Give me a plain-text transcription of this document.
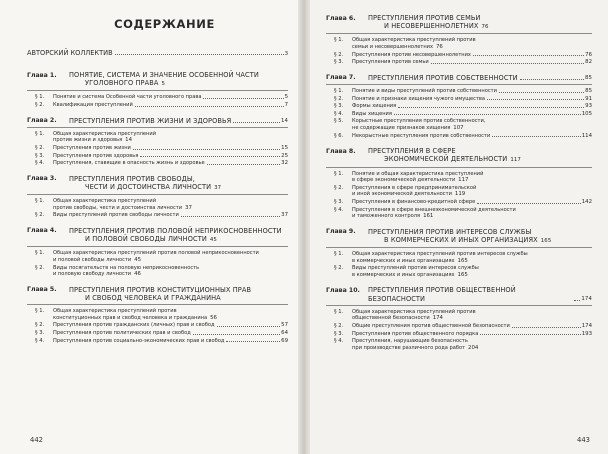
СОДЕРЖАНИЕ
АВТОРСКИЙ КОЛЛЕКТИВ	3
Глава 1.	ПОНЯТИЕ, СИСТЕМА И ЗНАЧЕНИЕ ОСОБЕННОЙ ЧАСТИ
УГОЛОВНОГО ПРАВА 5
§ 1.	Понятие и система Особенной части уголовного права	5
§ 2.	Квалификация преступлений	7
Глава 2.	ПРЕСТУПЛЕНИЯ ПРОТИВ ЖИЗНИ И ЗДОРОВЬЯ	14
§ 1.	Общая характеристика преступлений
против жизни и здоровья 14
§ 2.	Преступления против жизни	15
§ 3.	Преступления против здоровья	25
§ 4.	Преступления, ставящие в опасность жизнь и здоровье	32
Глава 3.	ПРЕСТУПЛЕНИЯ ПРОТИВ СВОБОДЫ,
ЧЕСТИ И ДОСТОИНСТВА ЛИЧНОСТИ 37
§ 1.	Общая характеристика преступлений
против свободы, чести и достоинства личности 37
§ 2.	Виды преступлений против свободы личности	37
Глава 4.	ПРЕСТУПЛЕНИЯ ПРОТИВ ПОЛОВОЙ НЕПРИКОСНОВЕННОСТИ
И ПОЛОВОЙ СВОБОДЫ ЛИЧНОСТИ 45
§ 1.	Общая характеристика преступлений против половой неприкосновенности
и половой свободы личности 45
§ 2.	Виды посягательств на половую неприкосновенность
и половую свободу личности 46
Глава 5.	ПРЕСТУПЛЕНИЯ ПРОТИВ КОНСТИТУЦИОННЫХ ПРАВ
И СВОБОД ЧЕЛОВЕКА И ГРАЖДАНИНА
§ 1.	Общая характеристика преступлений против
конституционных прав и свобод человека и гражданина 56
§ 2.	Преступления против гражданских (личных) прав и свобод	57
§ 3.	Преступления против политических прав и свобод	64
§ 4.	Преступления против социально-экономических прав и свобод	69
442
Глава 6.	ПРЕСТУПЛЕНИЯ ПРОТИВ СЕМЬИ
И НЕСОВЕРШЕННОЛЕТНИХ 76
§ 1.	Общая характеристика преступлений против
семьи и несовершеннолетних 76
§ 2.	Преступления против несовершеннолетних	76
§ 3.	Преступления против семьи	82
Глава 7.	ПРЕСТУПЛЕНИЯ ПРОТИВ СОБСТВЕННОСТИ	85
§ 1.	Понятие и виды преступлений против собственности	85
§ 2.	Понятие и признаки хищения чужого имущества	91
§ 3.	Формы хищения	93
§ 4.	Виды хищения	105
§ 5.	Корыстные преступления против собственности,
не содержащие признаков хищения 107
§ 6.	Некорыстные преступления против собственности	114
Глава 8.	ПРЕСТУПЛЕНИЯ В СФЕРЕ
ЭКОНОМИЧЕСКОЙ ДЕЯТЕЛЬНОСТИ 117
§ 1.	Понятие и общая характеристика преступлений
в сфере экономической деятельности 117
§ 2.	Преступления в сфере предпринимательской
и иной экономической деятельности 119
§ 3.	Преступления в финансово-кредитной сфере	142
§ 4.	Преступления в сфере внешнеэкономической деятельности
и таможенного контроля 161
Глава 9.	ПРЕСТУПЛЕНИЯ ПРОТИВ ИНТЕРЕСОВ СЛУЖБЫ
В КОММЕРЧЕСКИХ И ИНЫХ ОРГАНИЗАЦИЯХ 165
§ 1.	Общая характеристика преступлений против интересов службы
в коммерческих и иных организациях 165
§ 2.	Виды преступлений против интересов службы
в коммерческих и иных организациях 165
Глава 10.	ПРЕСТУПЛЕНИЯ ПРОТИВ ОБЩЕСТВЕННОЙ БЕЗОПАСНОСТИ	174
§ 1.	Общая характеристика преступлений против
общественной безопасности 174
§ 2.	Общие преступления против общественной безопасности	174
§ 3.	Преступления против общественного порядка	193
§ 4.	Преступления, нарушающие безопасность
при производстве различного рода работ 204
443
